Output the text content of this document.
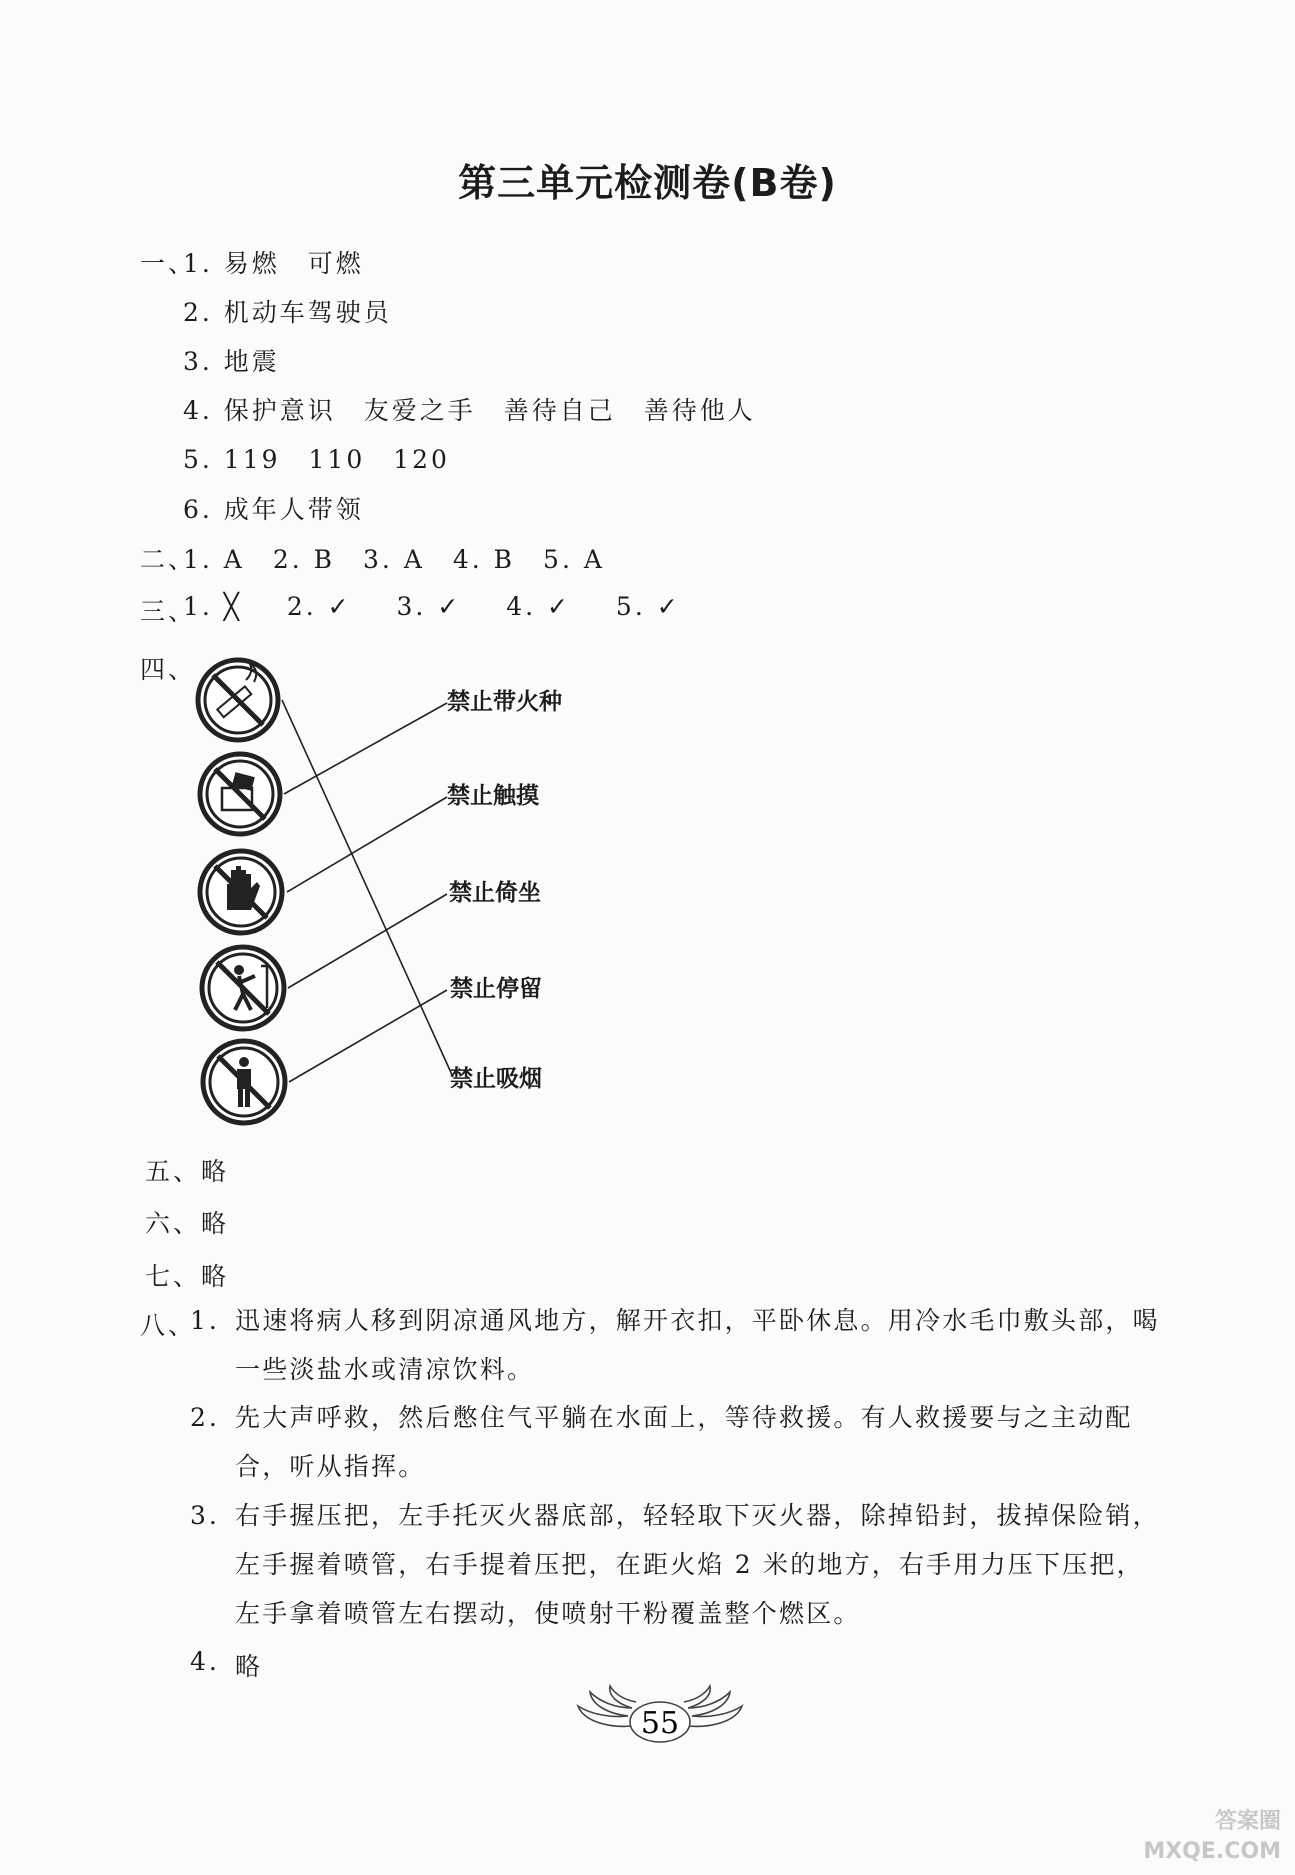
第三单元检测卷(B卷)
一、
1. 易燃　可燃
2. 机动车驾驶员
3. 地震
4. 保护意识　友爱之手　善待自己　善待他人
5. 119　110　120
6. 成年人带领
二、
1. A　2. B　3. A　4. B　5. A
三、
1. ╳ 2. ✓ 3. ✓ 4. ✓ 5. ✓
四、
禁止带火种
禁止触摸
禁止倚坐
禁止停留
禁止吸烟
五、略
六、略
七、略
八、
1. 迅速将病人移到阴凉通风地方，解开衣扣，平卧休息。用冷水毛巾敷头部，喝一些淡盐水或清凉饮料。
2. 先大声呼救，然后憋住气平躺在水面上，等待救援。有人救援要与之主动配合，听从指挥。
3. 右手握压把，左手托灭火器底部，轻轻取下灭火器，除掉铅封，拔掉保险销，左手握着喷管，右手提着压把，在距火焰 2 米的地方，右手用力压下压把，左手拿着喷管左右摆动，使喷射干粉覆盖整个燃区。
4. 略
55
答案圈
MXQE.COM
